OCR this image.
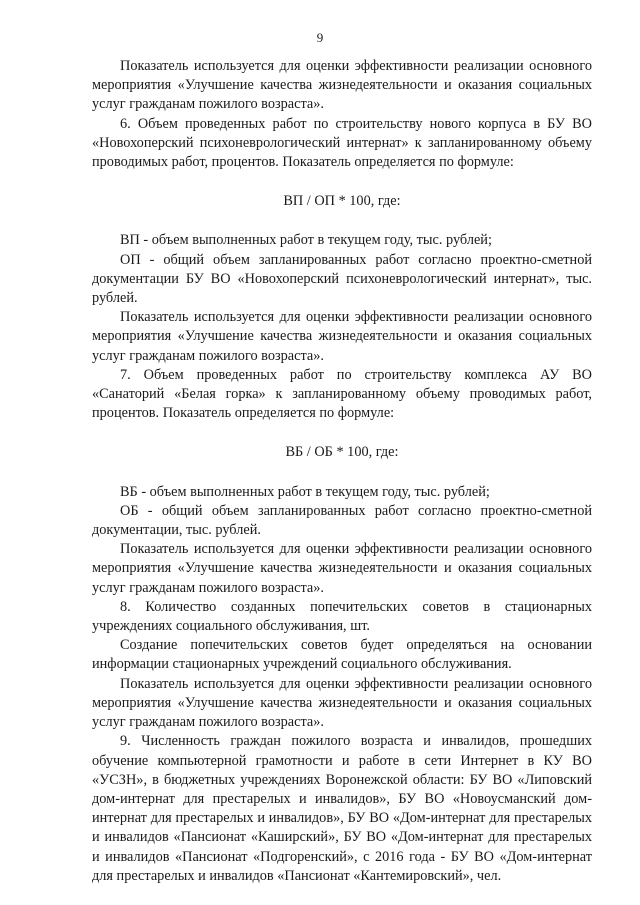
9

Показатель используется для оценки эффективности реализации основного мероприятия «Улучшение качества жизнедеятельности и оказания социальных услуг гражданам пожилого возраста».

6. Объем проведенных работ по строительству нового корпуса в БУ ВО «Новохоперский психоневрологический интернат» к запланированному объему проводимых работ, процентов. Показатель определяется по формуле:

ВП / ОП * 100, где:

ВП - объем выполненных работ в текущем году, тыс. рублей;

ОП - общий объем запланированных работ согласно проектно-сметной документации БУ ВО «Новохоперский психоневрологический интернат», тыс. рублей.

Показатель используется для оценки эффективности реализации основного мероприятия «Улучшение качества жизнедеятельности и оказания социальных услуг гражданам пожилого возраста».

7. Объем проведенных работ по строительству комплекса АУ ВО «Санаторий «Белая горка» к запланированному объему проводимых работ, процентов. Показатель определяется по формуле:

ВБ / ОБ * 100, где:

ВБ - объем выполненных работ в текущем году, тыс. рублей;

ОБ - общий объем запланированных работ согласно проектно-сметной документации, тыс. рублей.

Показатель используется для оценки эффективности реализации основного мероприятия «Улучшение качества жизнедеятельности и оказания социальных услуг гражданам пожилого возраста».

8. Количество созданных попечительских советов в стационарных учреждениях социального обслуживания, шт.

Создание попечительских советов будет определяться на основании информации стационарных учреждений социального обслуживания.

Показатель используется для оценки эффективности реализации основного мероприятия «Улучшение качества жизнедеятельности и оказания социальных услуг гражданам пожилого возраста».

9. Численность граждан пожилого возраста и инвалидов, прошедших обучение компьютерной грамотности и работе в сети Интернет в КУ ВО «УСЗН», в бюджетных учреждениях Воронежской области: БУ ВО «Липовский дом-интернат для престарелых и инвалидов», БУ ВО «Новоусманский дом-интернат для престарелых и инвалидов», БУ ВО «Дом-интернат для престарелых и инвалидов «Пансионат «Каширский», БУ ВО «Дом-интернат для престарелых и инвалидов «Пансионат «Подгоренский», с 2016 года - БУ ВО «Дом-интернат для престарелых и инвалидов «Пансионат «Кантемировский», чел.
